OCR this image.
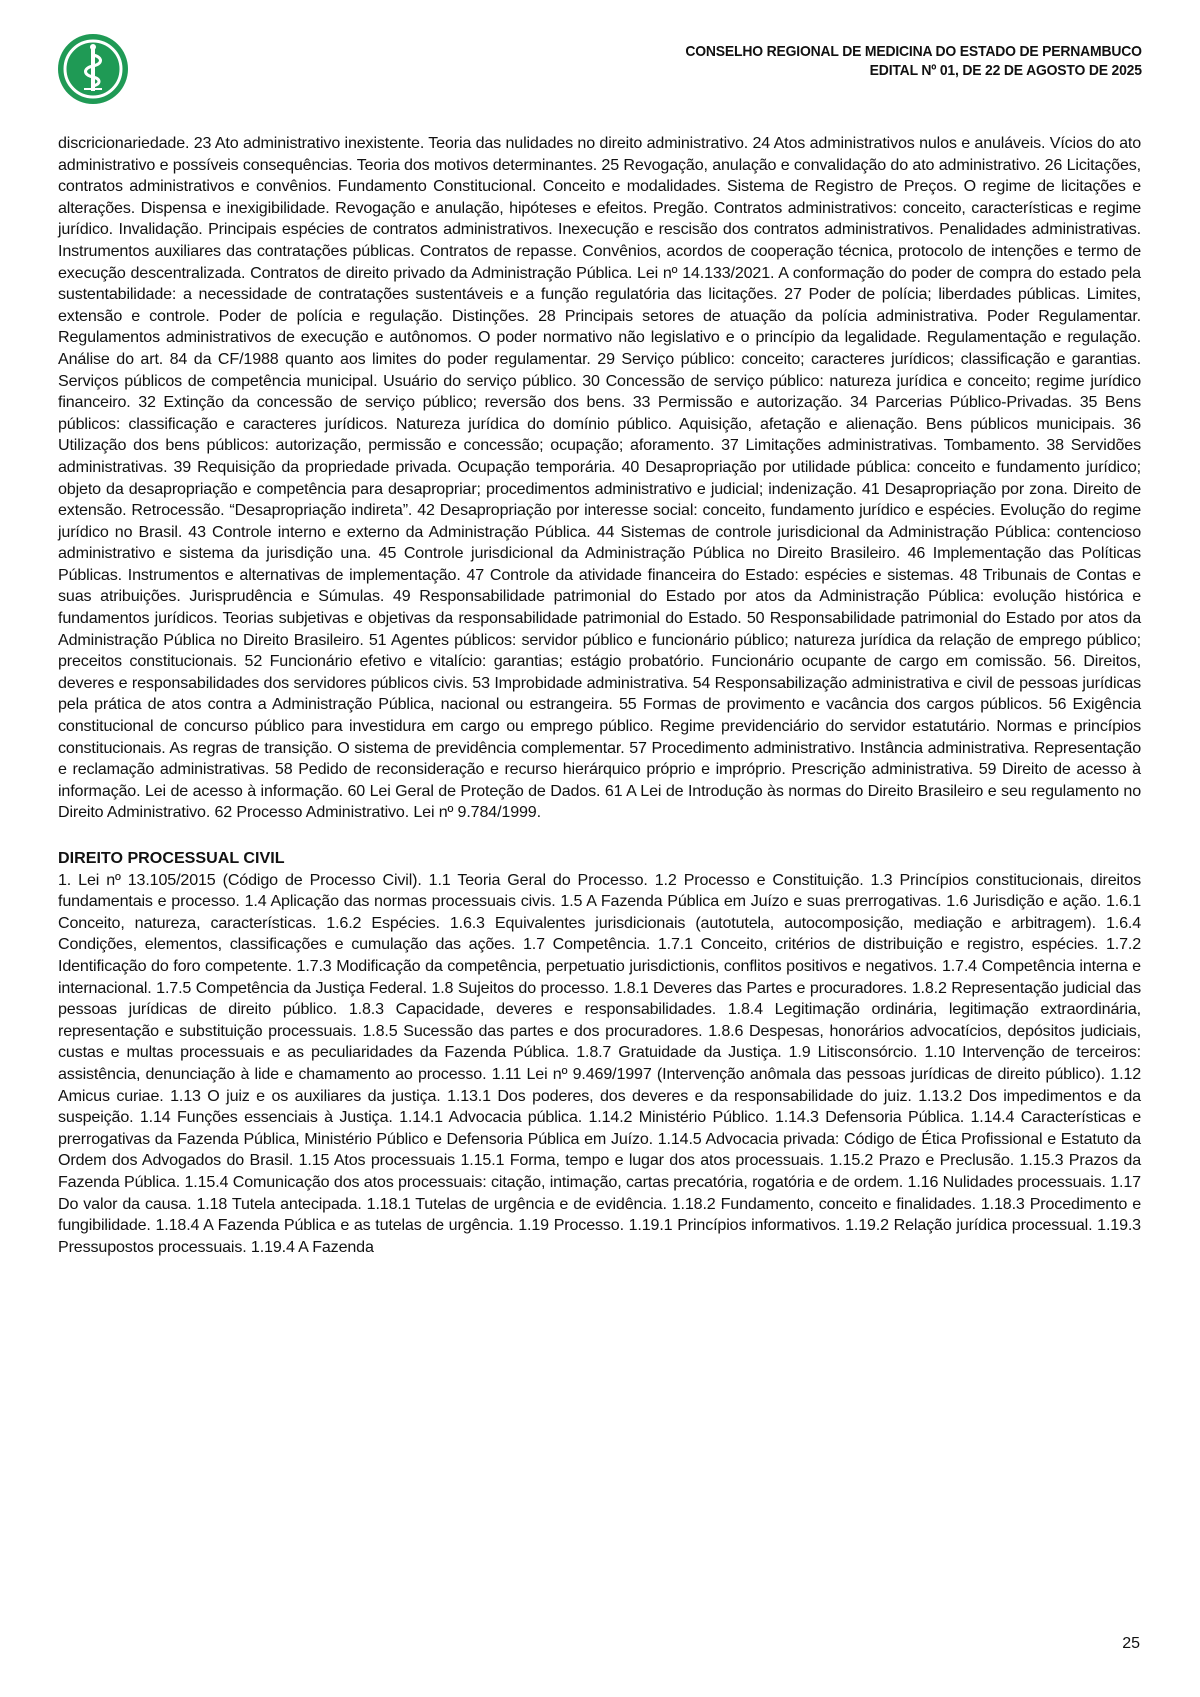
CONSELHO REGIONAL DE MEDICINA DO ESTADO DE PERNAMBUCO
EDITAL Nº 01, DE 22 DE AGOSTO DE 2025

discricionariedade. 23 Ato administrativo inexistente. Teoria das nulidades no direito administrativo. 24 Atos administrativos nulos e anuláveis. Vícios do ato administrativo e possíveis consequências. Teoria dos motivos determinantes. 25 Revogação, anulação e convalidação do ato administrativo. 26 Licitações, contratos administrativos e convênios. Fundamento Constitucional. Conceito e modalidades. Sistema de Registro de Preços. O regime de licitações e alterações. Dispensa e inexigibilidade. Revogação e anulação, hipóteses e efeitos. Pregão. Contratos administrativos: conceito, características e regime jurídico. Invalidação. Principais espécies de contratos administrativos. Inexecução e rescisão dos contratos administrativos. Penalidades administrativas. Instrumentos auxiliares das contratações públicas. Contratos de repasse. Convênios, acordos de cooperação técnica, protocolo de intenções e termo de execução descentralizada. Contratos de direito privado da Administração Pública. Lei nº 14.133/2021. A conformação do poder de compra do estado pela sustentabilidade: a necessidade de contratações sustentáveis e a função regulatória das licitações. 27 Poder de polícia; liberdades públicas. Limites, extensão e controle. Poder de polícia e regulação. Distinções. 28 Principais setores de atuação da polícia administrativa. Poder Regulamentar. Regulamentos administrativos de execução e autônomos. O poder normativo não legislativo e o princípio da legalidade. Regulamentação e regulação. Análise do art. 84 da CF/1988 quanto aos limites do poder regulamentar. 29 Serviço público: conceito; caracteres jurídicos; classificação e garantias. Serviços públicos de competência municipal. Usuário do serviço público. 30 Concessão de serviço público: natureza jurídica e conceito; regime jurídico financeiro. 32 Extinção da concessão de serviço público; reversão dos bens. 33 Permissão e autorização. 34 Parcerias Público-Privadas. 35 Bens públicos: classificação e caracteres jurídicos. Natureza jurídica do domínio público. Aquisição, afetação e alienação. Bens públicos municipais. 36 Utilização dos bens públicos: autorização, permissão e concessão; ocupação; aforamento. 37 Limitações administrativas. Tombamento. 38 Servidões administrativas. 39 Requisição da propriedade privada. Ocupação temporária. 40 Desapropriação por utilidade pública: conceito e fundamento jurídico; objeto da desapropriação e competência para desapropriar; procedimentos administrativo e judicial; indenização. 41 Desapropriação por zona. Direito de extensão. Retrocessão. “Desapropriação indireta”. 42 Desapropriação por interesse social: conceito, fundamento jurídico e espécies. Evolução do regime jurídico no Brasil. 43 Controle interno e externo da Administração Pública. 44 Sistemas de controle jurisdicional da Administração Pública: contencioso administrativo e sistema da jurisdição una. 45 Controle jurisdicional da Administração Pública no Direito Brasileiro. 46 Implementação das Políticas Públicas. Instrumentos e alternativas de implementação. 47 Controle da atividade financeira do Estado: espécies e sistemas. 48 Tribunais de Contas e suas atribuições. Jurisprudência e Súmulas. 49 Responsabilidade patrimonial do Estado por atos da Administração Pública: evolução histórica e fundamentos jurídicos. Teorias subjetivas e objetivas da responsabilidade patrimonial do Estado. 50 Responsabilidade patrimonial do Estado por atos da Administração Pública no Direito Brasileiro. 51 Agentes públicos: servidor público e funcionário público; natureza jurídica da relação de emprego público; preceitos constitucionais. 52 Funcionário efetivo e vitalício: garantias; estágio probatório. Funcionário ocupante de cargo em comissão. 56. Direitos, deveres e responsabilidades dos servidores públicos civis. 53 Improbidade administrativa. 54 Responsabilização administrativa e civil de pessoas jurídicas pela prática de atos contra a Administração Pública, nacional ou estrangeira. 55 Formas de provimento e vacância dos cargos públicos. 56 Exigência constitucional de concurso público para investidura em cargo ou emprego público. Regime previdenciário do servidor estatutário. Normas e princípios constitucionais. As regras de transição. O sistema de previdência complementar. 57 Procedimento administrativo. Instância administrativa. Representação e reclamação administrativas. 58 Pedido de reconsideração e recurso hierárquico próprio e impróprio. Prescrição administrativa. 59 Direito de acesso à informação. Lei de acesso à informação. 60 Lei Geral de Proteção de Dados. 61 A Lei de Introdução às normas do Direito Brasileiro e seu regulamento no Direito Administrativo. 62 Processo Administrativo. Lei nº 9.784/1999.

DIREITO PROCESSUAL CIVIL

1. Lei nº 13.105/2015 (Código de Processo Civil). 1.1 Teoria Geral do Processo. 1.2 Processo e Constituição. 1.3 Princípios constitucionais, direitos fundamentais e processo. 1.4 Aplicação das normas processuais civis. 1.5 A Fazenda Pública em Juízo e suas prerrogativas. 1.6 Jurisdição e ação. 1.6.1 Conceito, natureza, características. 1.6.2 Espécies. 1.6.3 Equivalentes jurisdicionais (autotutela, autocomposição, mediação e arbitragem). 1.6.4 Condições, elementos, classificações e cumulação das ações. 1.7 Competência. 1.7.1 Conceito, critérios de distribuição e registro, espécies. 1.7.2 Identificação do foro competente. 1.7.3 Modificação da competência, perpetuatio jurisdictionis, conflitos positivos e negativos. 1.7.4 Competência interna e internacional. 1.7.5 Competência da Justiça Federal. 1.8 Sujeitos do processo. 1.8.1 Deveres das Partes e procuradores. 1.8.2 Representação judicial das pessoas jurídicas de direito público. 1.8.3 Capacidade, deveres e responsabilidades. 1.8.4 Legitimação ordinária, legitimação extraordinária, representação e substituição processuais. 1.8.5 Sucessão das partes e dos procuradores. 1.8.6 Despesas, honorários advocatícios, depósitos judiciais, custas e multas processuais e as peculiaridades da Fazenda Pública. 1.8.7 Gratuidade da Justiça. 1.9 Litisconsórcio. 1.10 Intervenção de terceiros: assistência, denunciação à lide e chamamento ao processo. 1.11 Lei nº 9.469/1997 (Intervenção anômala das pessoas jurídicas de direito público). 1.12 Amicus curiae. 1.13 O juiz e os auxiliares da justiça. 1.13.1 Dos poderes, dos deveres e da responsabilidade do juiz. 1.13.2 Dos impedimentos e da suspeição. 1.14 Funções essenciais à Justiça. 1.14.1 Advocacia pública. 1.14.2 Ministério Público. 1.14.3 Defensoria Pública. 1.14.4 Características e prerrogativas da Fazenda Pública, Ministério Público e Defensoria Pública em Juízo. 1.14.5 Advocacia privada: Código de Ética Profissional e Estatuto da Ordem dos Advogados do Brasil. 1.15 Atos processuais 1.15.1 Forma, tempo e lugar dos atos processuais. 1.15.2 Prazo e Preclusão. 1.15.3 Prazos da Fazenda Pública. 1.15.4 Comunicação dos atos processuais: citação, intimação, cartas precatória, rogatória e de ordem. 1.16 Nulidades processuais. 1.17 Do valor da causa. 1.18 Tutela antecipada. 1.18.1 Tutelas de urgência e de evidência. 1.18.2 Fundamento, conceito e finalidades. 1.18.3 Procedimento e fungibilidade. 1.18.4 A Fazenda Pública e as tutelas de urgência. 1.19 Processo. 1.19.1 Princípios informativos. 1.19.2 Relação jurídica processual. 1.19.3 Pressupostos processuais. 1.19.4 A Fazenda

25
